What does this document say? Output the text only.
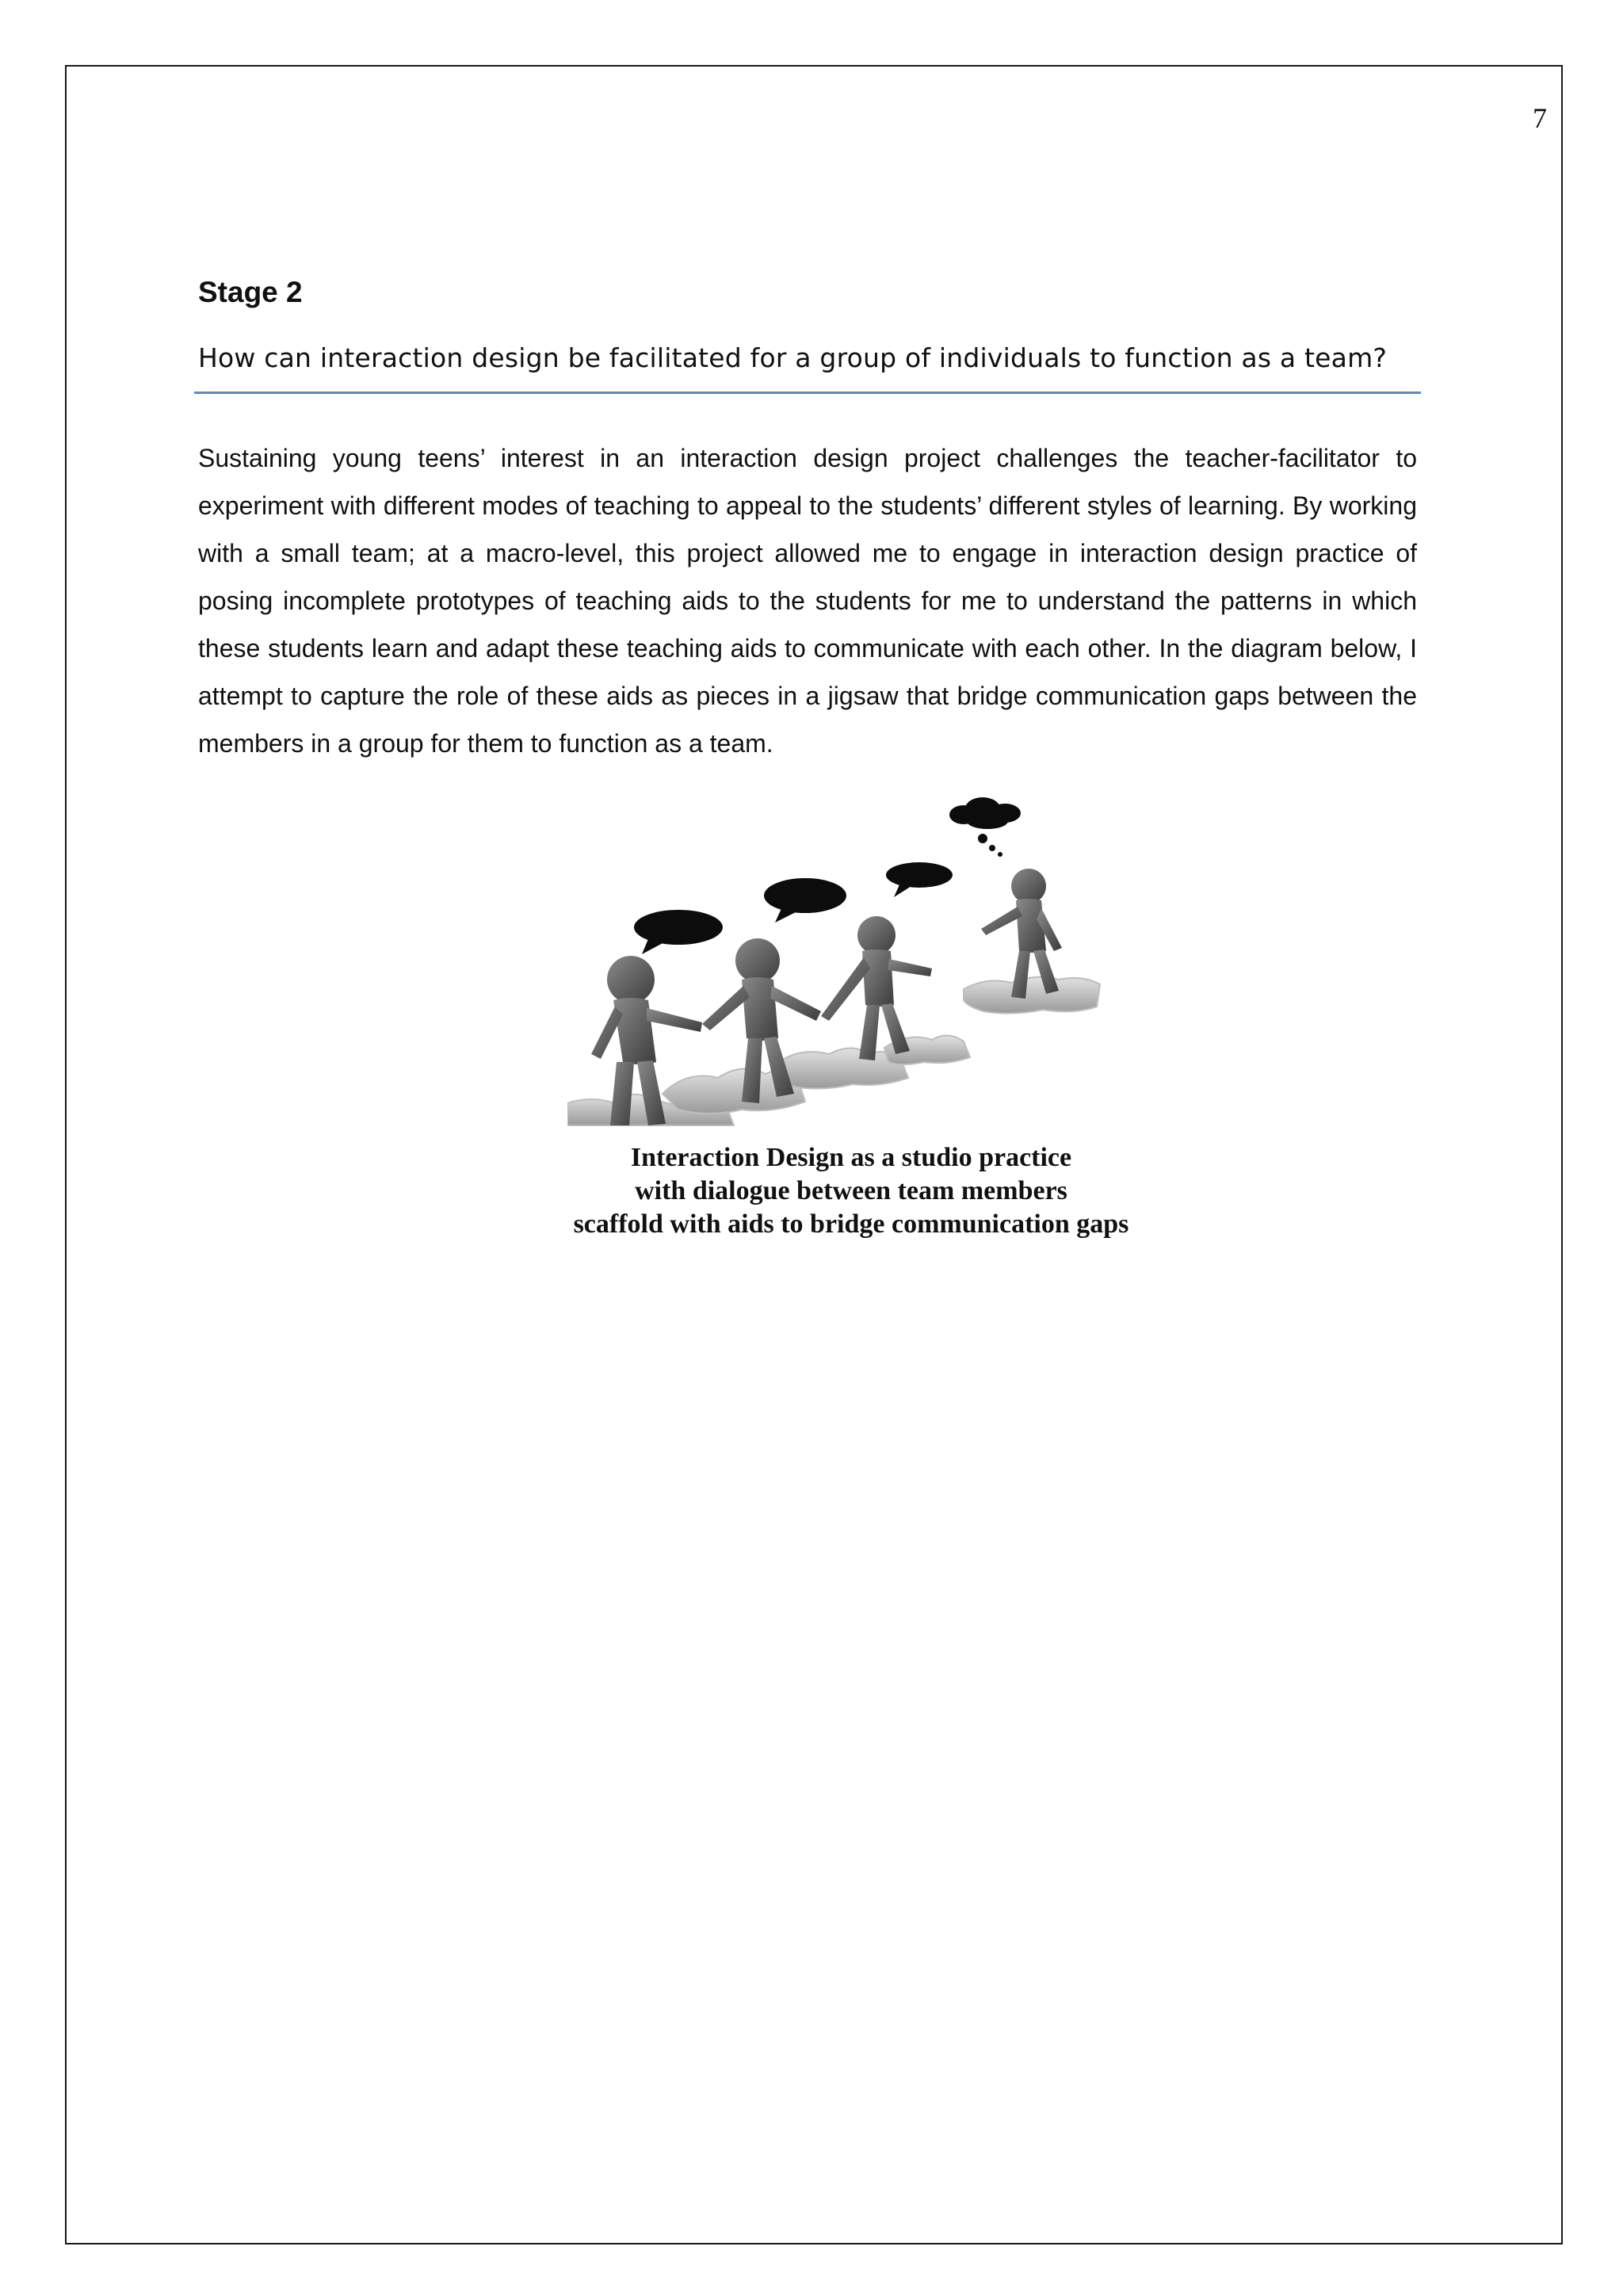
7
Stage 2
How can interaction design be facilitated for a group of individuals to function as a team?
Sustaining young teens’ interest in an interaction design project challenges the teacher-facilitator to experiment with different modes of teaching to appeal to the students’ different styles of learning. By working with a small team; at a macro-level, this project allowed me to engage in interaction design practice of posing incomplete prototypes of teaching aids to the students for me to understand the patterns in which these students learn and adapt these teaching aids to communicate with each other. In the diagram below, I attempt to capture the role of these aids as pieces in a jigsaw that bridge communication gaps between the members in a group for them to function as a team.
Interaction Design as a studio practice
with dialogue between team members
scaffold with aids to bridge communication gaps
